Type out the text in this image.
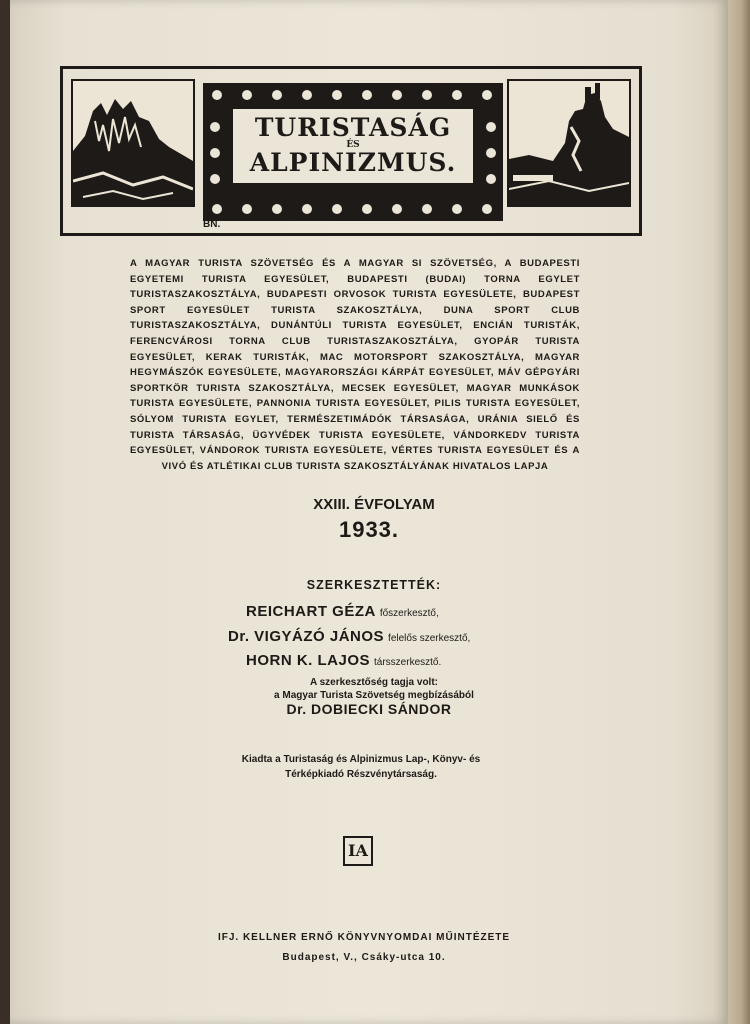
TURISTASÁG
ÉS
ALPINIZMUS.
BN.
A MAGYAR TURISTA SZÖVETSÉG ÉS A MAGYAR SI SZÖVETSÉG, A BUDAPESTI EGYETEMI TURISTA EGYESÜLET, BUDAPESTI (BUDAI) TORNA EGYLET TURISTASZAKOSZTÁLYA, BUDAPESTI ORVOSOK TURISTA EGYESÜLETE, BUDAPEST SPORT EGYESÜLET TURISTA SZAKOSZTÁLYA, DUNA SPORT CLUB TURISTASZAKOSZTÁLYA, DUNÁNTÚLI TURISTA EGYESÜLET, ENCIÁN TURISTÁK, FERENCVÁROSI TORNA CLUB TURISTASZAKOSZTÁLYA, GYOPÁR TURISTA EGYESÜLET, KERAK TURISTÁK, MAC MOTORSPORT SZAKOSZTÁLYA, MAGYAR HEGYMÁSZÓK EGYESÜLETE, MAGYARORSZÁGI KÁRPÁT EGYESÜLET, MÁV GÉPGYÁRI SPORTKÖR TURISTA SZAKOSZTÁLYA, MECSEK EGYESÜLET, MAGYAR MUNKÁSOK TURISTA EGYESÜLETE, PANNONIA TURISTA EGYESÜLET, PILIS TURISTA EGYESÜLET, SÓLYOM TURISTA EGYLET, TERMÉSZETIMÁDÓK TÁRSASÁGA, URÁNIA SIELŐ ÉS TURISTA TÁRSASÁG, ÜGYVÉDEK TURISTA EGYESÜLETE, VÁNDORKEDV TURISTA EGYESÜLET, VÁNDOROK TURISTA EGYESÜLETE, VÉRTES TURISTA EGYESÜLET ÉS A VIVÓ ÉS ATLÉTIKAI CLUB TURISTA SZAKOSZTÁLYÁNAK HIVATALOS LAPJA
XXIII. ÉVFOLYAM
1933.
SZERKESZTETTÉK:
REICHART GÉZA főszerkesztő,
Dr. VIGYÁZÓ JÁNOS felelős szerkesztő,
HORN K. LAJOS társszerkesztő.
A szerkesztőség tagja volt:
a Magyar Turista Szövetség megbízásából
Dr. DOBIECKI SÁNDOR
Kiadta a Turistaság és Alpinizmus Lap-, Könyv- és
Térképkiadó Részvénytársaság.
IA
IFJ. KELLNER ERNŐ KÖNYVNYOMDAI MŰINTÉZETE
Budapest, V., Csáky-utca 10.
